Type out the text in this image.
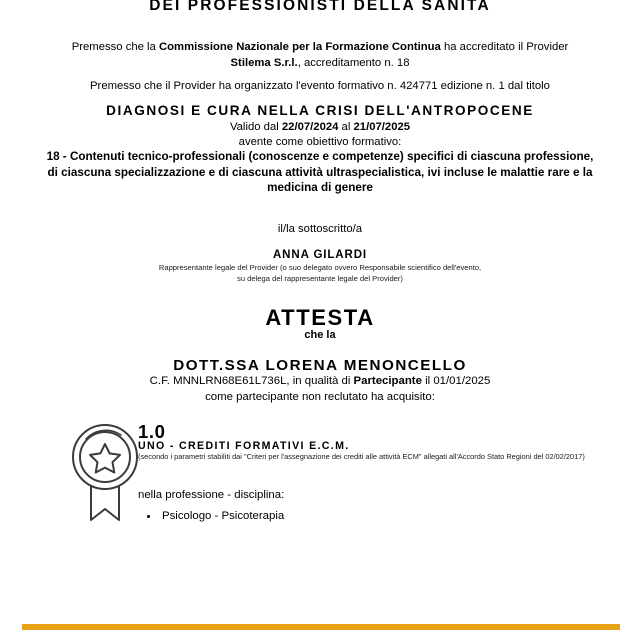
DEI PROFESSIONISTI DELLA SANITA
Premesso che la Commissione Nazionale per la Formazione Continua ha accreditato il Provider
Stilema S.r.l., accreditamento n. 18
Premesso che il Provider ha organizzato l'evento formativo n. 424771 edizione n. 1 dal titolo
DIAGNOSI E CURA NELLA CRISI DELL'ANTROPOCENE
Valido dal 22/07/2024 al 21/07/2025
avente come obiettivo formativo:
18 - Contenuti tecnico-professionali (conoscenze e competenze) specifici di ciascuna professione, di ciascuna specializzazione e di ciascuna attività ultraspecialistica, ivi incluse le malattie rare e la medicina di genere
il/la sottoscritto/a
ANNA GILARDI
Rappresentante legale del Provider (o suo delegato ovvero Responsabile scientifico dell'evento,
su delega del rappresentante legale del Provider)
ATTESTA
che la
DOTT.SSA LORENA MENONCELLO
C.F. MNNLRN68E61L736L, in qualità di Partecipante il 01/01/2025
come partecipante non reclutato ha acquisito:
1.0
UNO - CREDITI FORMATIVI E.C.M.
(secondo i parametri stabiliti dai "Criteri per l'assegnazione dei crediti alle attività ECM" allegati all'Accordo Stato Regioni del 02/02/2017)
nella professione - disciplina:
Psicologo - Psicoterapia
